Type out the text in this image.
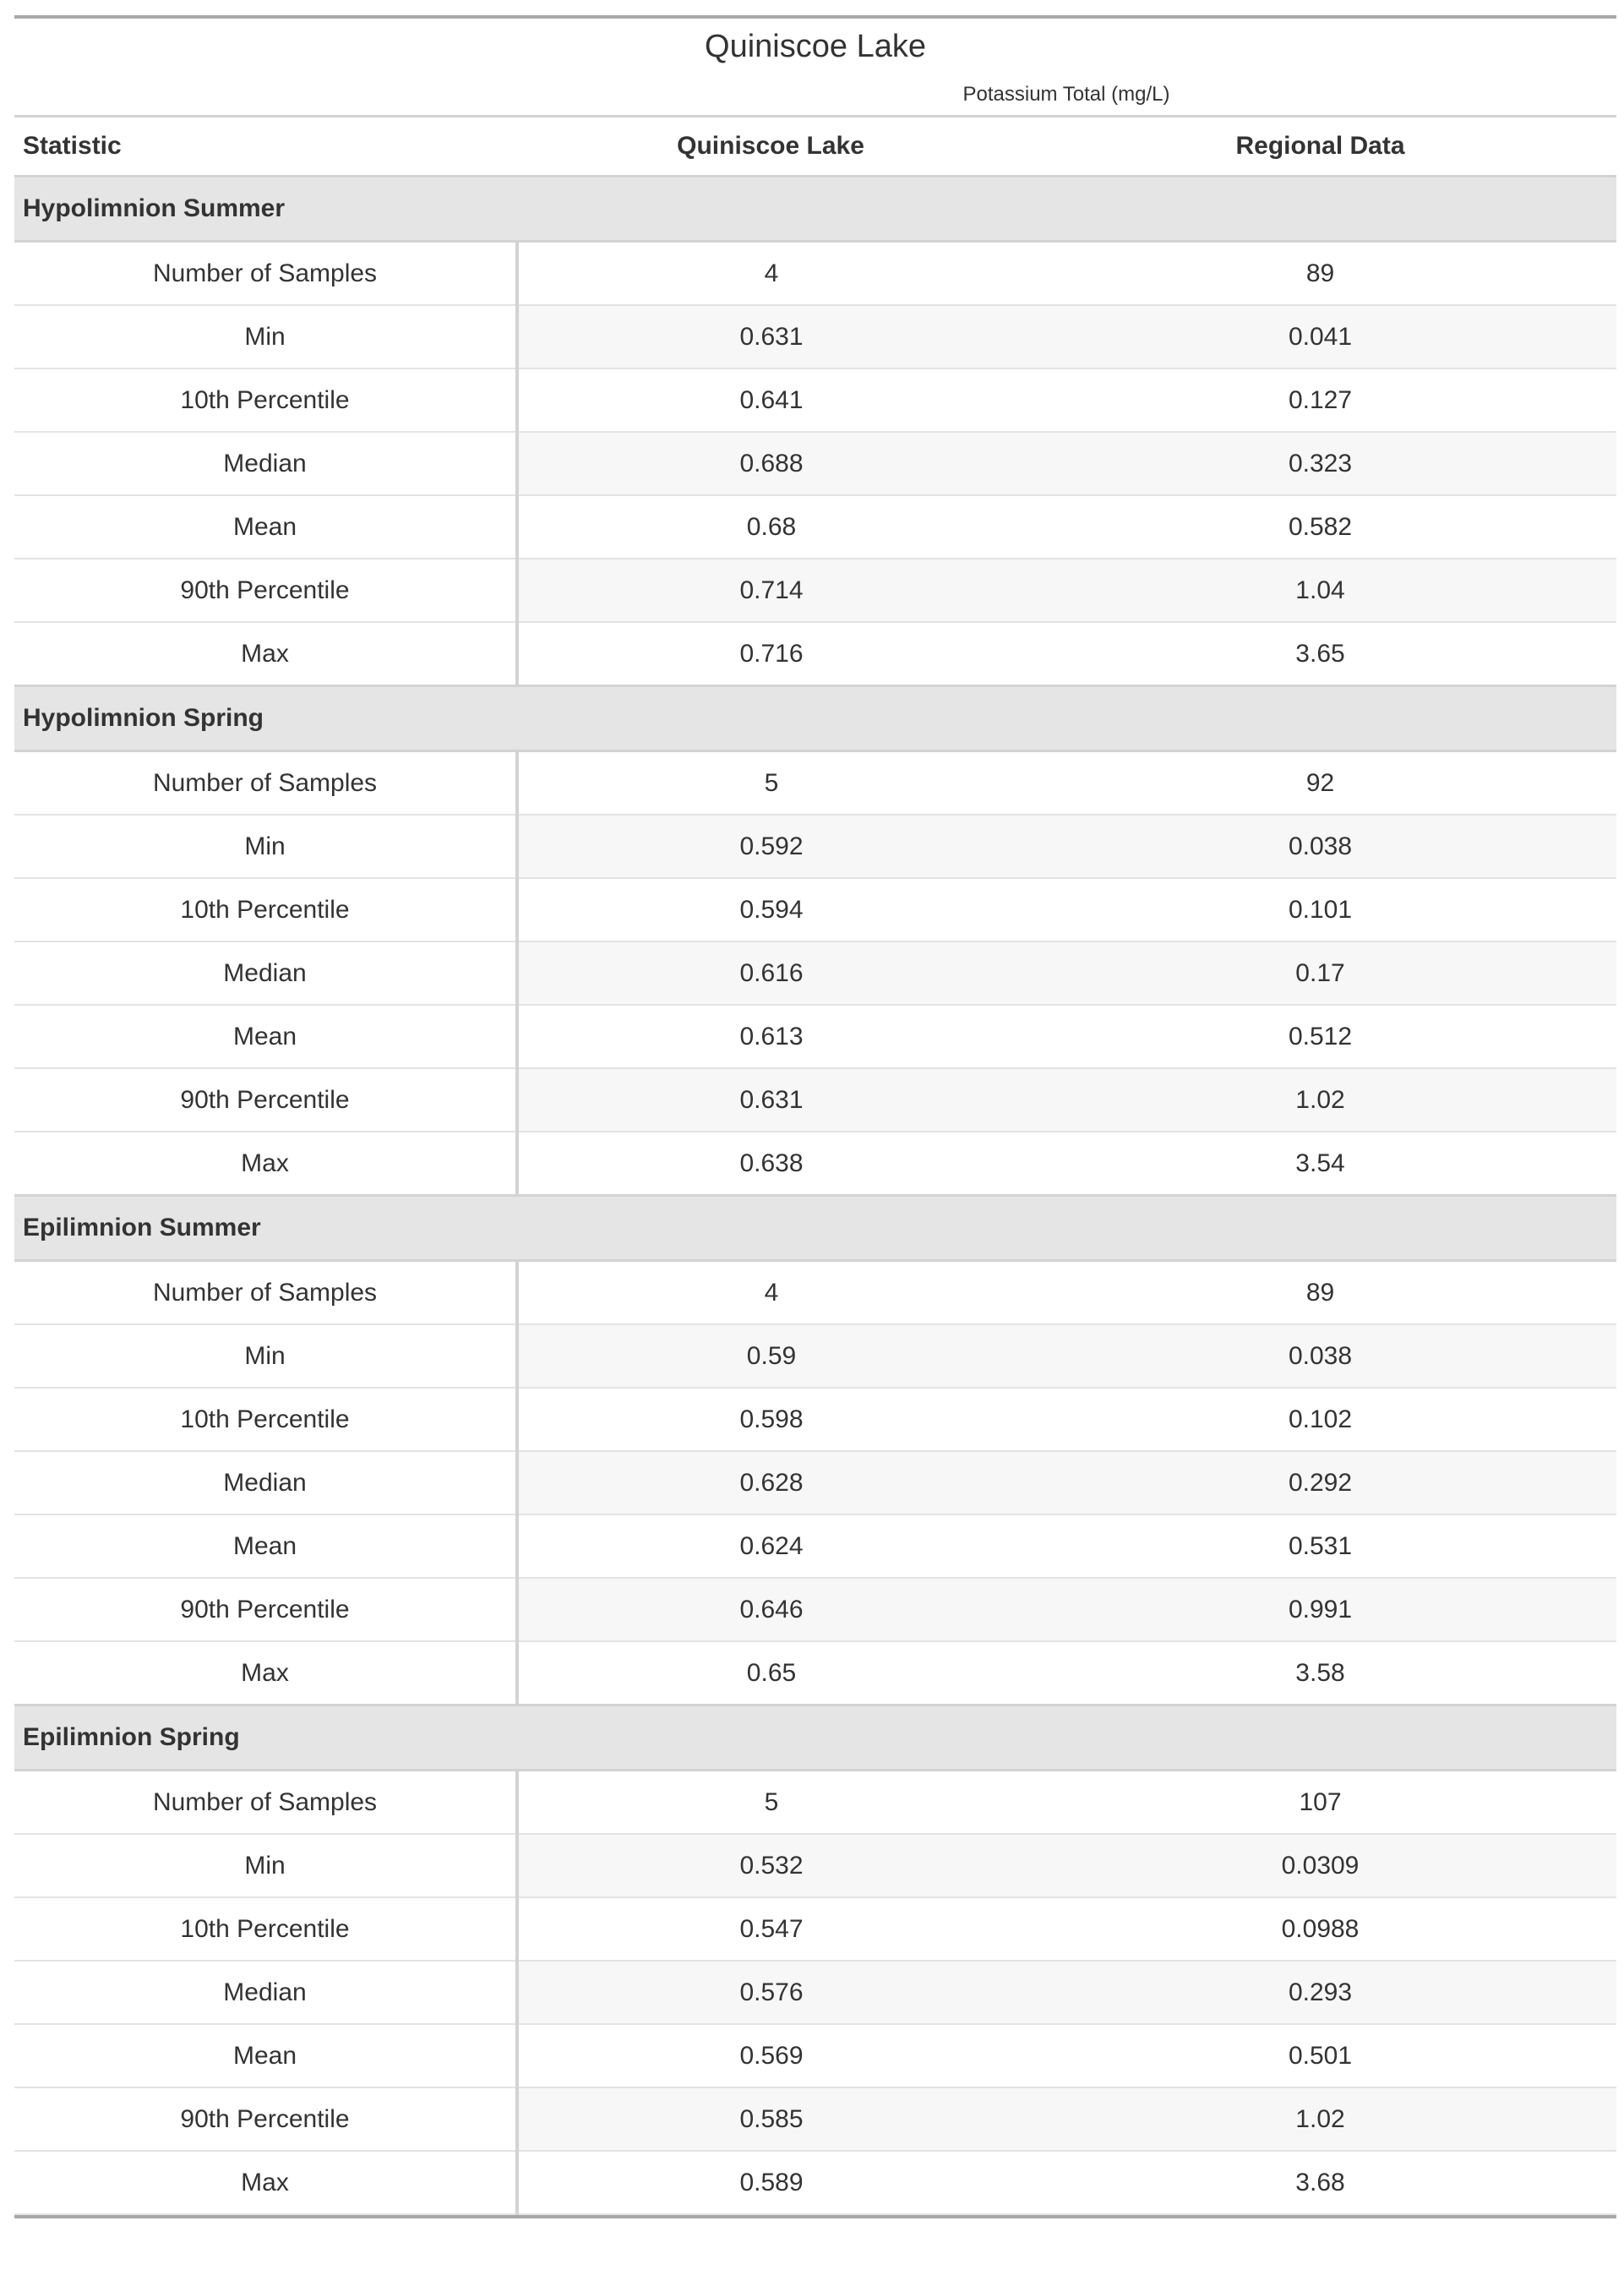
Quiniscoe Lake		
Potassium Total (mg/L)		
Statistic	Quiniscoe Lake	Regional Data
Hypolimnion Summer		
Number of Samples	4	89
Min	0.631	0.041
10th Percentile	0.641	0.127
Median	0.688	0.323
Mean	0.68	0.582
90th Percentile	0.714	1.04
Max	0.716	3.65
Hypolimnion Spring		
Number of Samples	5	92
Min	0.592	0.038
10th Percentile	0.594	0.101
Median	0.616	0.17
Mean	0.613	0.512
90th Percentile	0.631	1.02
Max	0.638	3.54
Epilimnion Summer		
Number of Samples	4	89
Min	0.59	0.038
10th Percentile	0.598	0.102
Median	0.628	0.292
Mean	0.624	0.531
90th Percentile	0.646	0.991
Max	0.65	3.58
Epilimnion Spring		
Number of Samples	5	107
Min	0.532	0.0309
10th Percentile	0.547	0.0988
Median	0.576	0.293
Mean	0.569	0.501
90th Percentile	0.585	1.02
Max	0.589	3.68
